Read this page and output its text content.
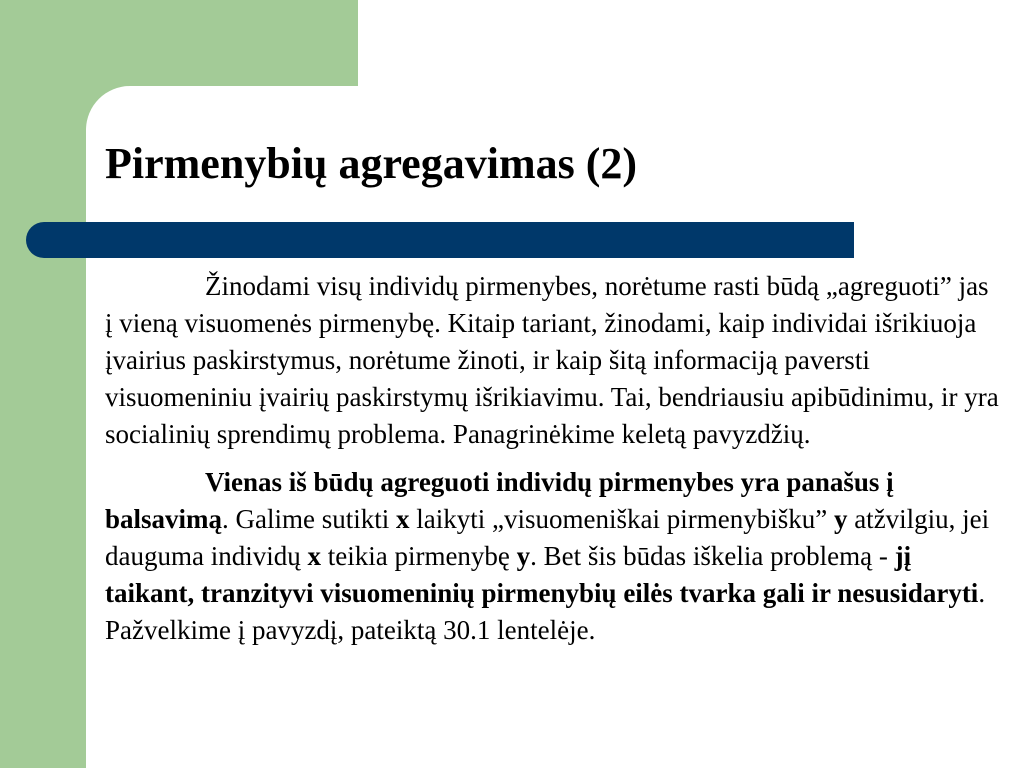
Pirmenybių agregavimas (2)

Žinodami visų individų pirmenybes, norėtume rasti būdą „agreguoti” jas į vieną visuomenės pirmenybę. Kitaip tariant, žinodami, kaip individai išrikiuoja įvairius paskirstymus, norėtume žinoti, ir kaip šitą informaciją paversti visuomeniniu įvairių paskirstymų išrikiavimu. Tai, bendriausiu apibūdinimu, ir yra socialinių sprendimų problema. Panagrinėkime keletą pavyzdžių.

Vienas iš būdų agreguoti individų pirmenybes yra panašus į balsavimą. Galime sutikti x laikyti „visuomeniškai pirmenybišku” y atžvilgiu, jei dauguma individų x teikia pirmenybę y. Bet šis būdas iškelia problemą - jį taikant, tranzityvi visuomeninių pirmenybių eilės tvarka gali ir nesusidaryti. Pažvelkime į pavyzdį, pateiktą 30.1 lentelėje.
